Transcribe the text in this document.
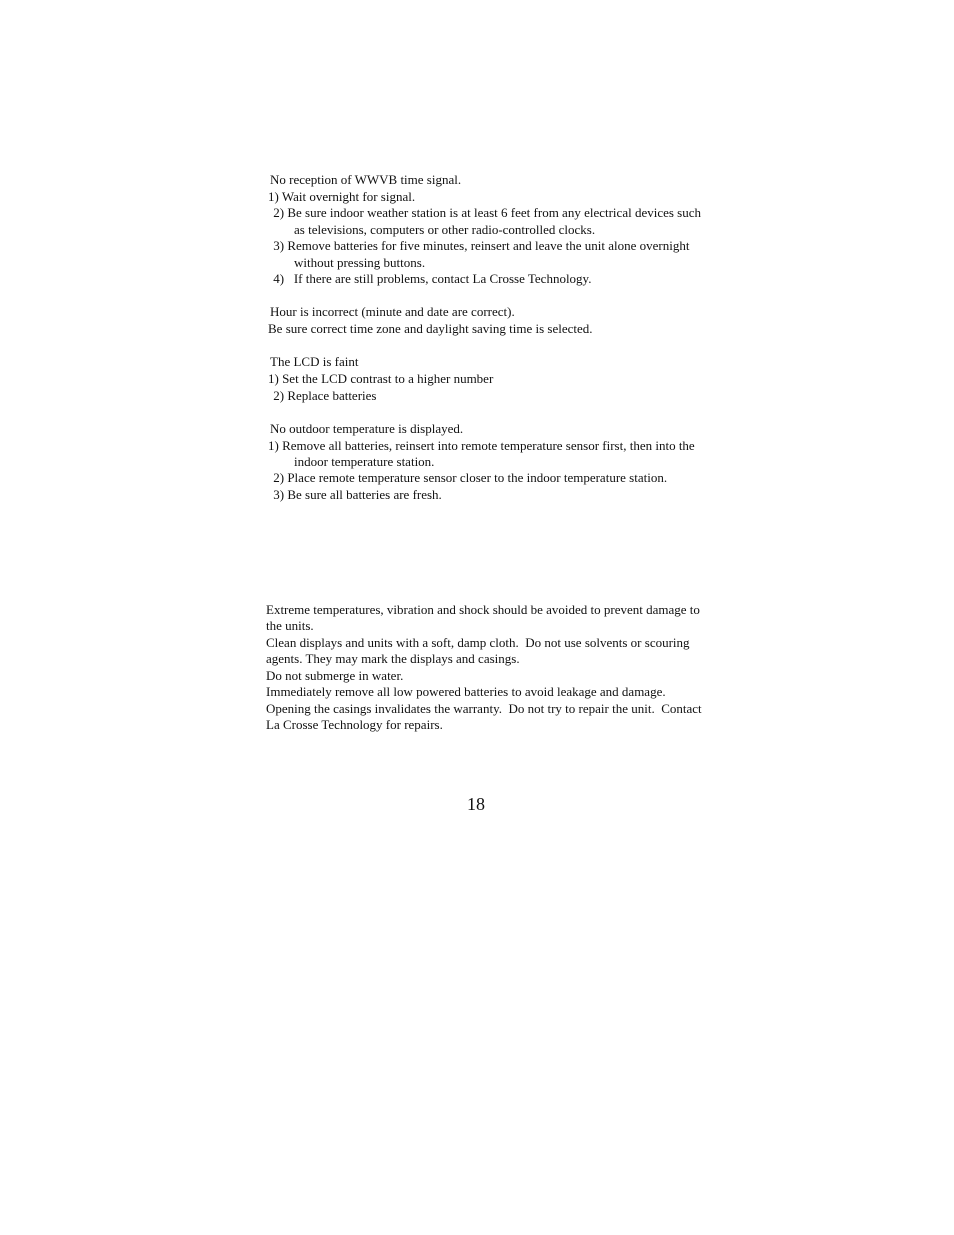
No reception of WWVB time signal.
1) Wait overnight for signal.
2) Be sure indoor weather station is at least 6 feet from any electrical devices such
as televisions, computers or other radio-controlled clocks.
3) Remove batteries for five minutes, reinsert and leave the unit alone overnight
without pressing buttons.
4)   If there are still problems, contact La Crosse Technology.
Hour is incorrect (minute and date are correct).
Be sure correct time zone and daylight saving time is selected.
The LCD is faint
1) Set the LCD contrast to a higher number
2) Replace batteries
No outdoor temperature is displayed.
1) Remove all batteries, reinsert into remote temperature sensor first, then into the
indoor temperature station.
2) Place remote temperature sensor closer to the indoor temperature station.
3) Be sure all batteries are fresh.
Extreme temperatures, vibration and shock should be avoided to prevent damage to
the units.
Clean displays and units with a soft, damp cloth.  Do not use solvents or scouring
agents. They may mark the displays and casings.
Do not submerge in water.
Immediately remove all low powered batteries to avoid leakage and damage.
Opening the casings invalidates the warranty.  Do not try to repair the unit.  Contact
La Crosse Technology for repairs.
18
